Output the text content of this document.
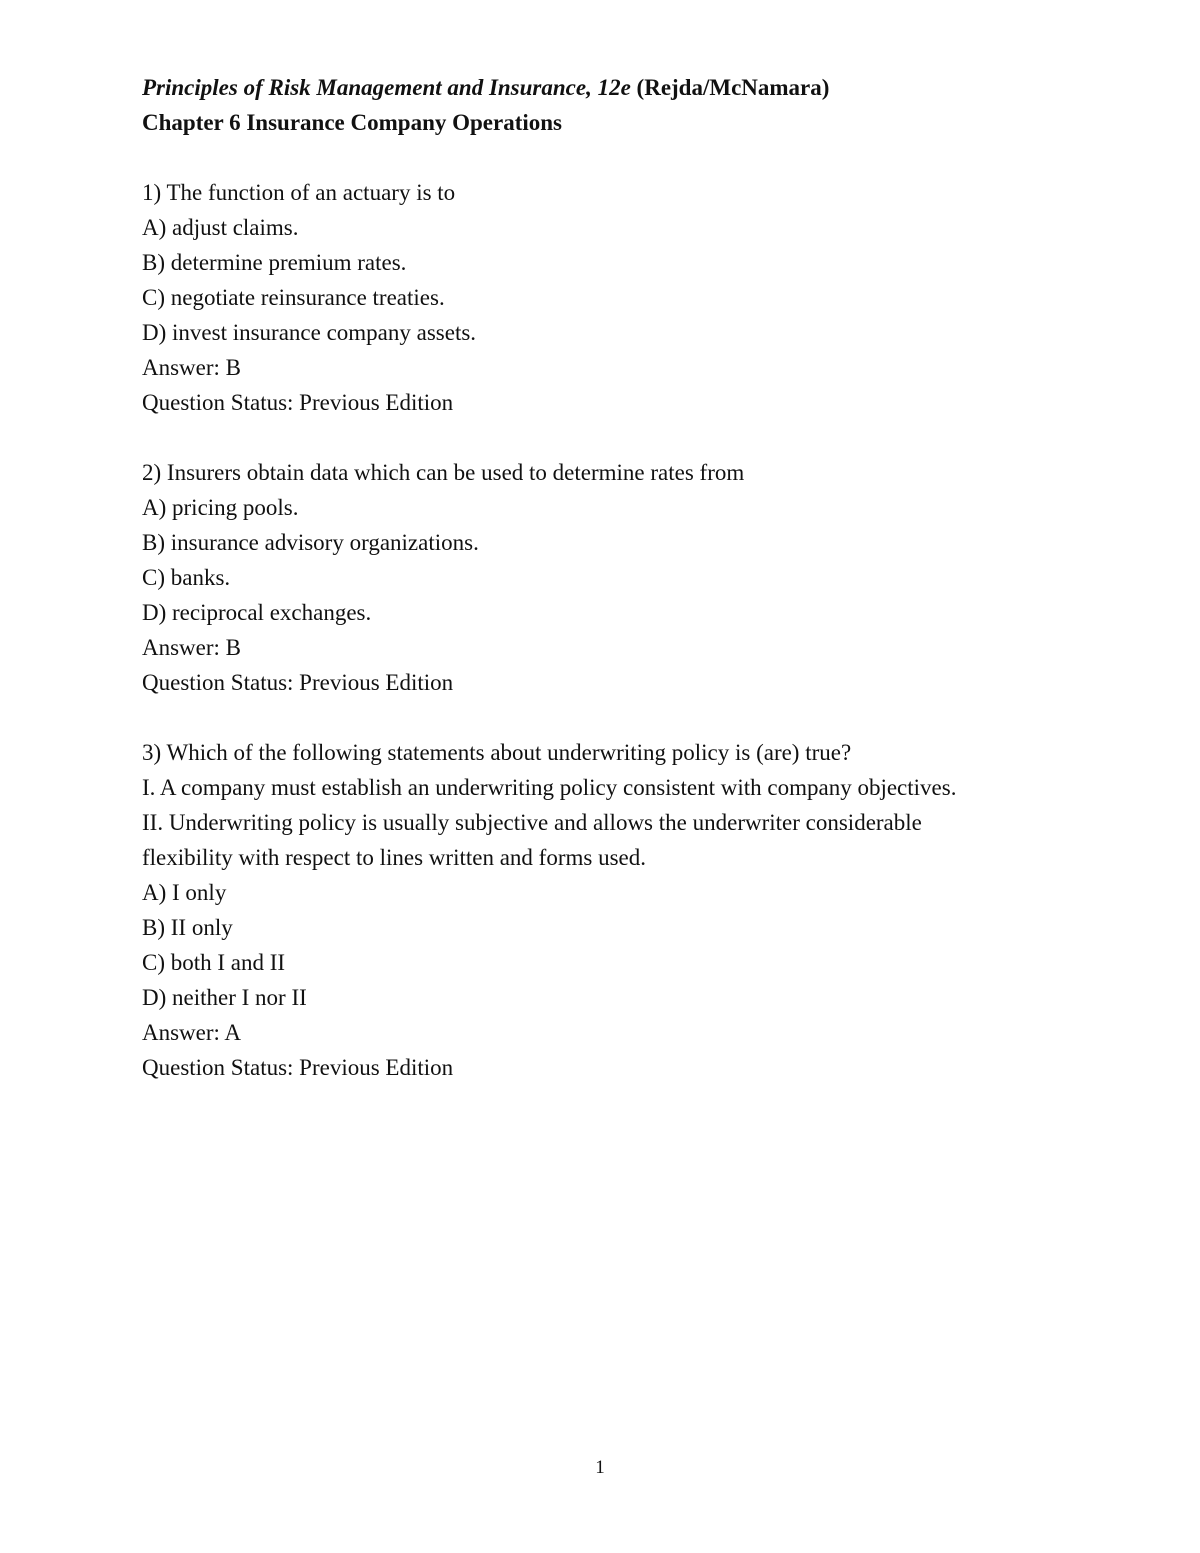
Principles of Risk Management and Insurance, 12e (Rejda/McNamara)
Chapter 6 Insurance Company Operations
1) The function of an actuary is to
A) adjust claims.
B) determine premium rates.
C) negotiate reinsurance treaties.
D) invest insurance company assets.
Answer: B
Question Status: Previous Edition
2) Insurers obtain data which can be used to determine rates from
A) pricing pools.
B) insurance advisory organizations.
C) banks.
D) reciprocal exchanges.
Answer: B
Question Status: Previous Edition
3) Which of the following statements about underwriting policy is (are) true?
I. A company must establish an underwriting policy consistent with company objectives.
II. Underwriting policy is usually subjective and allows the underwriter considerable
flexibility with respect to lines written and forms used.
A) I only
B) II only
C) both I and II
D) neither I nor II
Answer: A
Question Status: Previous Edition
1
